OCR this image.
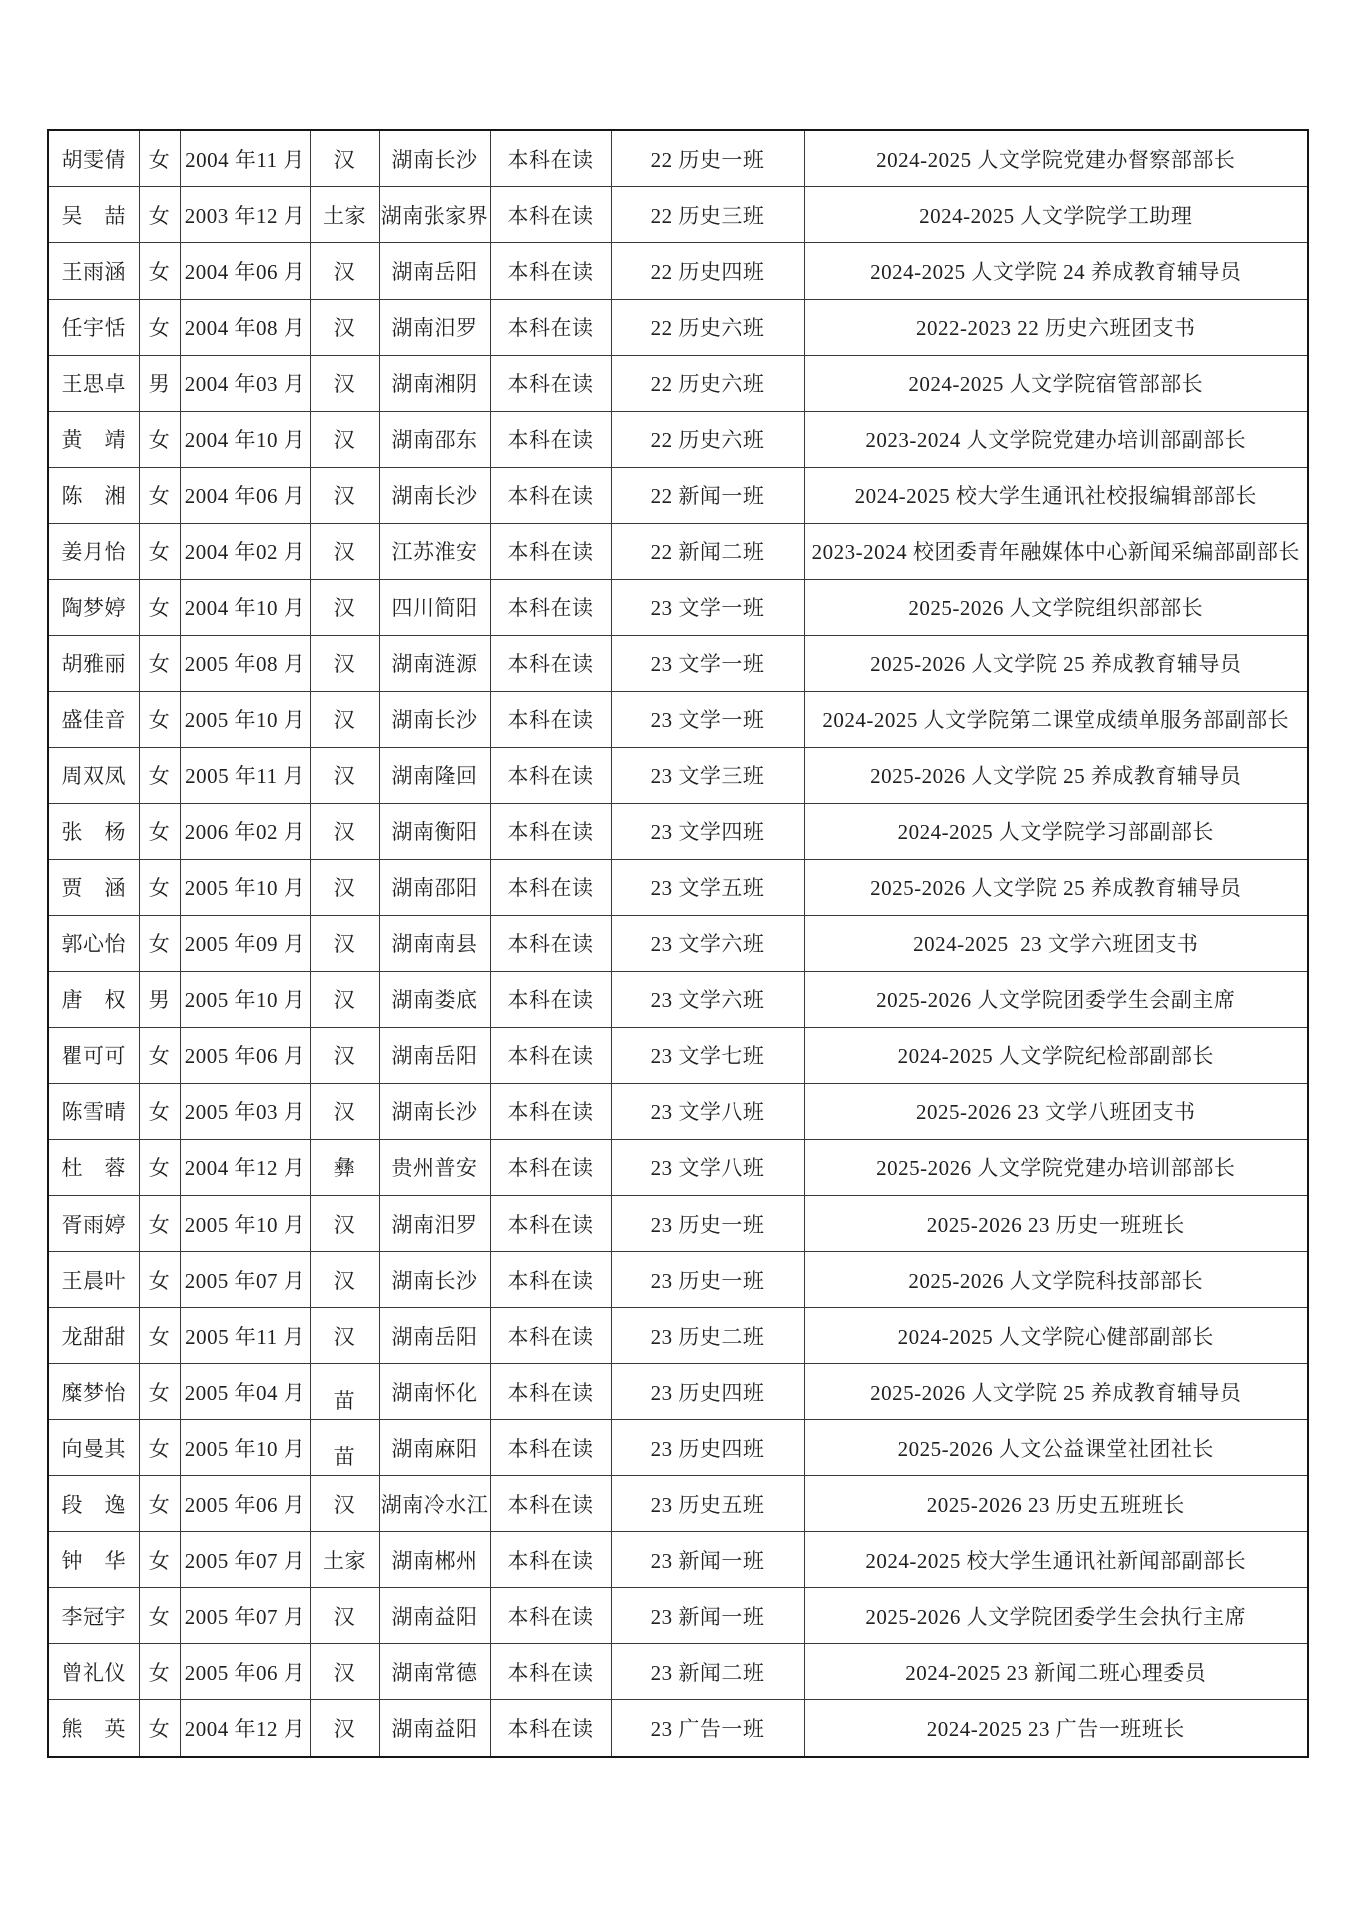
胡雯倩	女	2004 年11 月	汉	湖南长沙	本科在读	22 历史一班	2024-2025 人文学院党建办督察部部长
吴　喆	女	2003 年12 月	土家	湖南张家界	本科在读	22 历史三班	2024-2025 人文学院学工助理
王雨涵	女	2004 年06 月	汉	湖南岳阳	本科在读	22 历史四班	2024-2025 人文学院 24 养成教育辅导员
任宇恬	女	2004 年08 月	汉	湖南汨罗	本科在读	22 历史六班	2022-2023 22 历史六班团支书
王思卓	男	2004 年03 月	汉	湖南湘阴	本科在读	22 历史六班	2024-2025 人文学院宿管部部长
黄　靖	女	2004 年10 月	汉	湖南邵东	本科在读	22 历史六班	2023-2024 人文学院党建办培训部副部长
陈　湘	女	2004 年06 月	汉	湖南长沙	本科在读	22 新闻一班	2024-2025 校大学生通讯社校报编辑部部长
姜月怡	女	2004 年02 月	汉	江苏淮安	本科在读	22 新闻二班	2023-2024 校团委青年融媒体中心新闻采编部副部长
陶梦婷	女	2004 年10 月	汉	四川简阳	本科在读	23 文学一班	2025-2026 人文学院组织部部长
胡雅丽	女	2005 年08 月	汉	湖南涟源	本科在读	23 文学一班	2025-2026 人文学院 25 养成教育辅导员
盛佳音	女	2005 年10 月	汉	湖南长沙	本科在读	23 文学一班	2024-2025 人文学院第二课堂成绩单服务部副部长
周双凤	女	2005 年11 月	汉	湖南隆回	本科在读	23 文学三班	2025-2026 人文学院 25 养成教育辅导员
张　杨	女	2006 年02 月	汉	湖南衡阳	本科在读	23 文学四班	2024-2025 人文学院学习部副部长
贾　涵	女	2005 年10 月	汉	湖南邵阳	本科在读	23 文学五班	2025-2026 人文学院 25 养成教育辅导员
郭心怡	女	2005 年09 月	汉	湖南南县	本科在读	23 文学六班	2024-2025  23 文学六班团支书
唐　权	男	2005 年10 月	汉	湖南娄底	本科在读	23 文学六班	2025-2026 人文学院团委学生会副主席
瞿可可	女	2005 年06 月	汉	湖南岳阳	本科在读	23 文学七班	2024-2025 人文学院纪检部副部长
陈雪晴	女	2005 年03 月	汉	湖南长沙	本科在读	23 文学八班	2025-2026 23 文学八班团支书
杜　蓉	女	2004 年12 月	彝	贵州普安	本科在读	23 文学八班	2025-2026 人文学院党建办培训部部长
胥雨婷	女	2005 年10 月	汉	湖南汨罗	本科在读	23 历史一班	2025-2026 23 历史一班班长
王晨叶	女	2005 年07 月	汉	湖南长沙	本科在读	23 历史一班	2025-2026 人文学院科技部部长
龙甜甜	女	2005 年11 月	汉	湖南岳阳	本科在读	23 历史二班	2024-2025 人文学院心健部副部长
糜梦怡	女	2005 年04 月	苗	湖南怀化	本科在读	23 历史四班	2025-2026 人文学院 25 养成教育辅导员
向曼其	女	2005 年10 月	苗	湖南麻阳	本科在读	23 历史四班	2025-2026 人文公益课堂社团社长
段　逸	女	2005 年06 月	汉	湖南冷水江	本科在读	23 历史五班	2025-2026 23 历史五班班长
钟　华	女	2005 年07 月	土家	湖南郴州	本科在读	23 新闻一班	2024-2025 校大学生通讯社新闻部副部长
李冠宇	女	2005 年07 月	汉	湖南益阳	本科在读	23 新闻一班	2025-2026 人文学院团委学生会执行主席
曾礼仪	女	2005 年06 月	汉	湖南常德	本科在读	23 新闻二班	2024-2025 23 新闻二班心理委员
熊　英	女	2004 年12 月	汉	湖南益阳	本科在读	23 广告一班	2024-2025 23 广告一班班长
